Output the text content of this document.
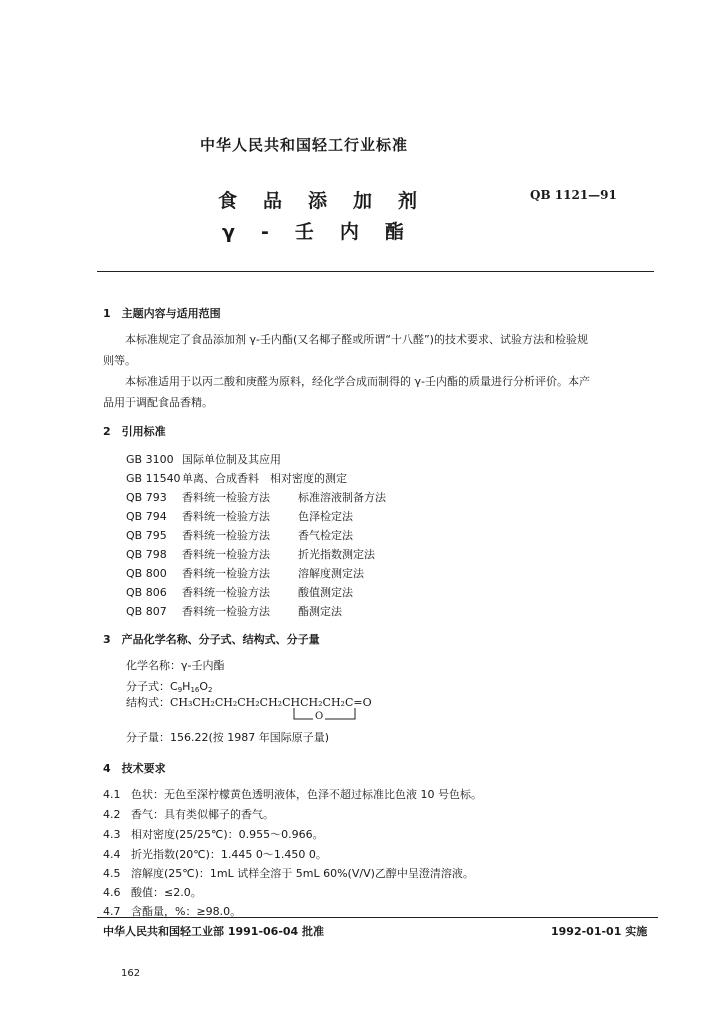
中华人民共和国轻工行业标准
食品添加剂
γ-壬内酯
QB 1121—91
1　主题内容与适用范围
本标准规定了食品添加剂 γ-壬内酯(又名椰子醛或所谓“十八醛”)的技术要求、试验方法和检验规
则等。
本标准适用于以丙二酸和庚醛为原料，经化学合成而制得的 γ-壬内酯的质量进行分析评价。本产
品用于调配食品香精。
2　引用标准
GB 3100 国际单位制及其应用
GB 11540单离、合成香料　相对密度的测定
QB 793 香料统一检验方法	标准溶液制备方法
QB 794 香料统一检验方法	色泽检定法
QB 795 香料统一检验方法	香气检定法
QB 798 香料统一检验方法	折光指数测定法
QB 800 香料统一检验方法	溶解度测定法
QB 806 香料统一检验方法	酸值测定法
QB 807 香料统一检验方法	酯测定法
3　产品化学名称、分子式、结构式、分子量
化学名称：γ-壬内酯
分子式：$C_9H_{16}O_2$
结构式：CH₃CH₂CH₂CH₂CH₂CHCH₂CH₂C=O
O
分子量：156.22(按 1987 年国际原子量)
4　技术要求
4.1 色状：无色至深柠檬黄色透明液体，色泽不超过标准比色液 10 号色标。
4.2 香气：具有类似椰子的香气。
4.3 相对密度(25/25℃)：0.955～0.966。
4.4 折光指数(20℃)：1.445 0～1.450 0。
4.5 溶解度(25℃)：1mL 试样全溶于 5mL 60%(V/V)乙醇中呈澄清溶液。
4.6 酸值：≤2.0。
4.7 含酯量，%：≥98.0。
中华人民共和国轻工业部 1991-06-04 批准	1992-01-01 实施
162
